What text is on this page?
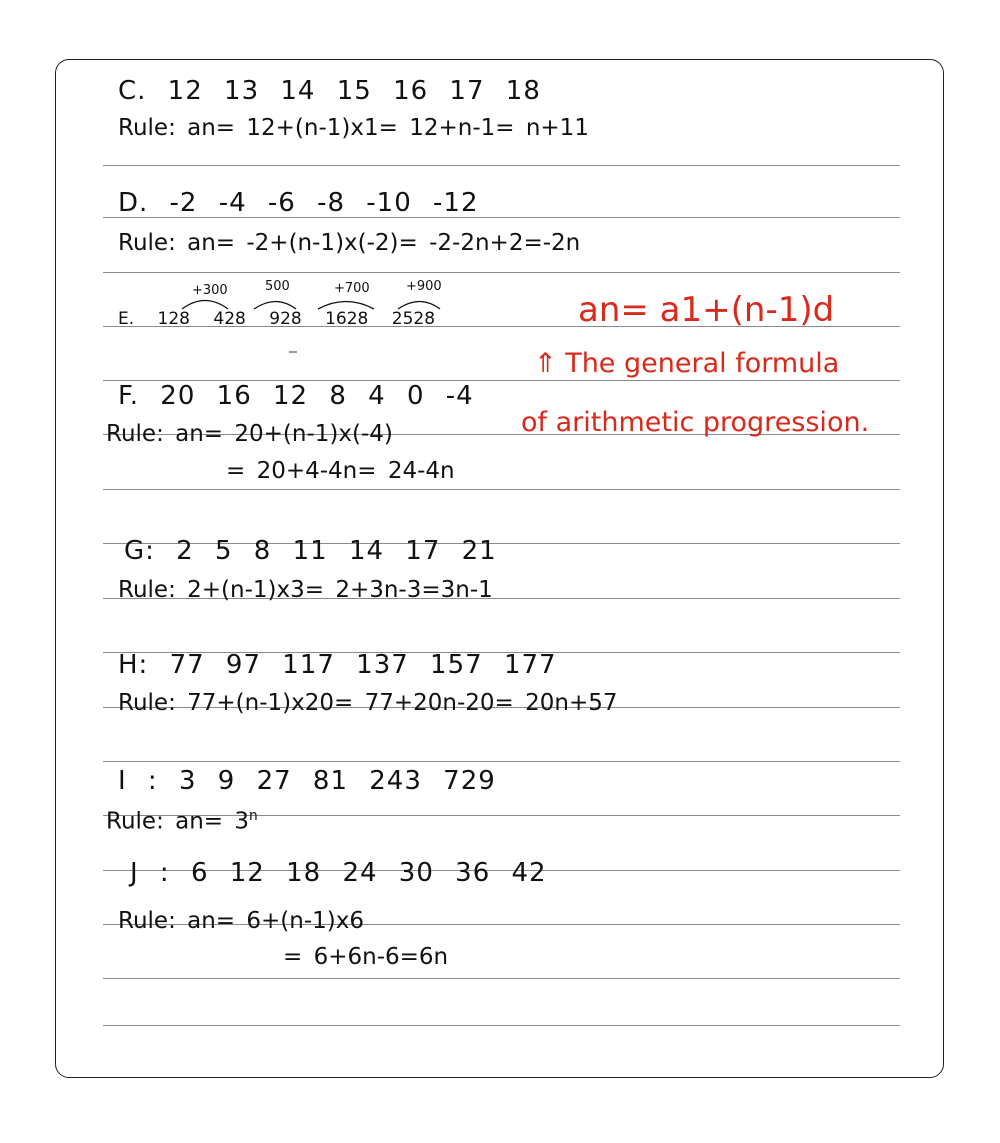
C. 12 13 14 15 16 17 18
Rule: an= 12+(n-1)x1= 12+n-1= n+11
D. -2 -4 -6 -8 -10 -12
Rule: an= -2+(n-1)x(-2)= -2-2n+2=-2n
+300	500	+700	+900
E. 128 428 928 1628 2528
F. 20 16 12 8 4 0 -4
Rule: an= 20+(n-1)x(-4)
= 20+4-4n= 24-4n
an= a1+(n-1)d
⇑ The general formula
of arithmetic progression.
G: 2 5 8 11 14 17 21
Rule: 2+(n-1)x3= 2+3n-3=3n-1
H: 77 97 117 137 157 177
Rule: 77+(n-1)x20= 77+20n-20= 20n+57
I : 3 9 27 81 243 729
Rule: $an= 3^n$
J : 6 12 18 24 30 36 42
Rule: an= 6+(n-1)x6
= 6+6n-6=6n
